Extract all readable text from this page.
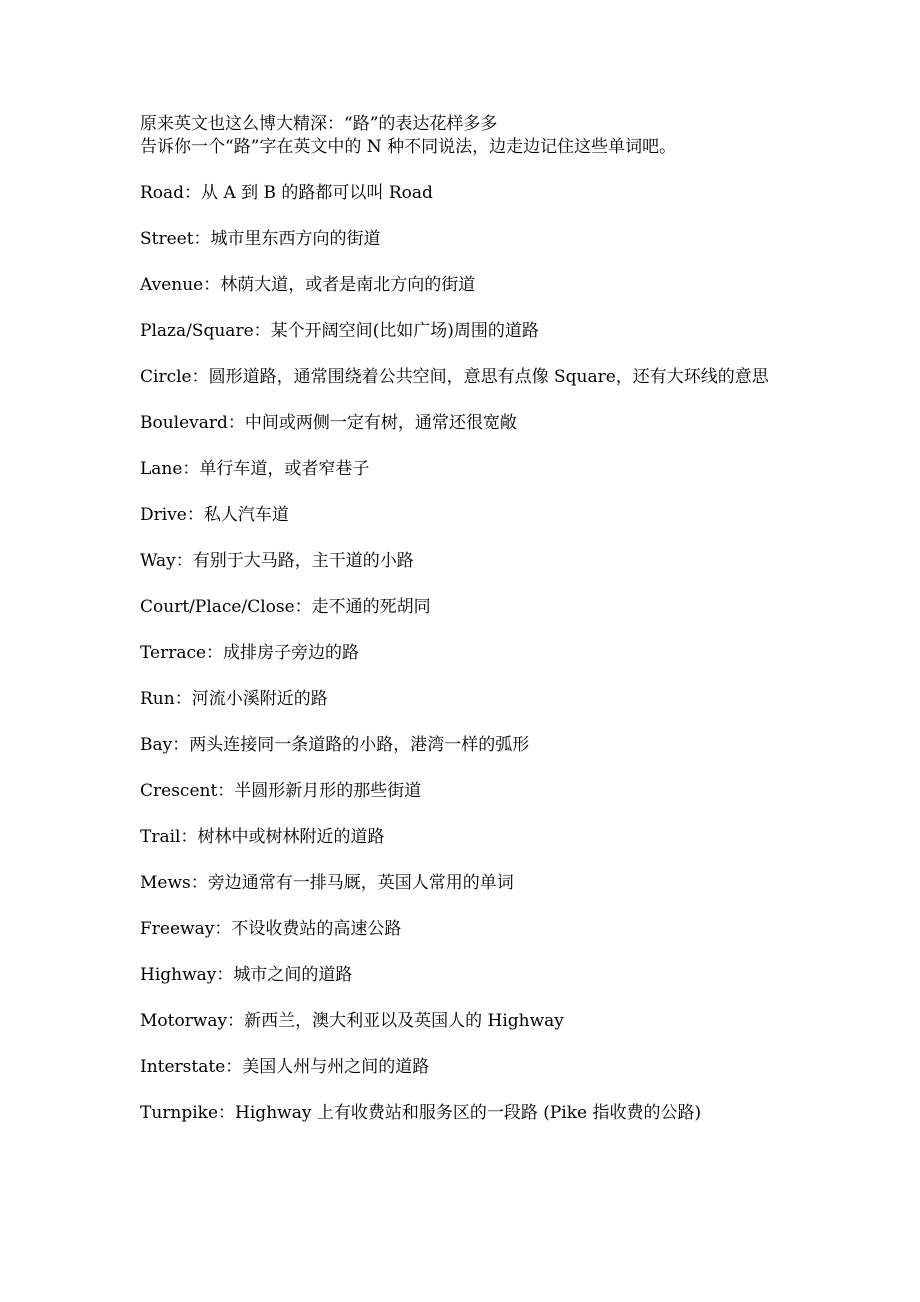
原来英文也这么博大精深：“路”的表达花样多多

告诉你一个“路”字在英文中的 N 种不同说法，边走边记住这些单词吧。

Road：从 A 到 B 的路都可以叫 Road

Street：城市里东西方向的街道

Avenue：林荫大道，或者是南北方向的街道

Plaza/Square：某个开阔空间(比如广场)周围的道路

Circle：圆形道路，通常围绕着公共空间，意思有点像 Square，还有大环线的意思

Boulevard：中间或两侧一定有树，通常还很宽敞

Lane：单行车道，或者窄巷子

Drive：私人汽车道

Way：有别于大马路，主干道的小路

Court/Place/Close：走不通的死胡同

Terrace：成排房子旁边的路

Run：河流小溪附近的路

Bay：两头连接同一条道路的小路，港湾一样的弧形

Crescent：半圆形新月形的那些街道

Trail：树林中或树林附近的道路

Mews：旁边通常有一排马厩，英国人常用的单词

Freeway：不设收费站的高速公路

Highway：城市之间的道路

Motorway：新西兰，澳大利亚以及英国人的 Highway

Interstate：美国人州与州之间的道路

Turnpike：Highway 上有收费站和服务区的一段路 (Pike 指收费的公路)
